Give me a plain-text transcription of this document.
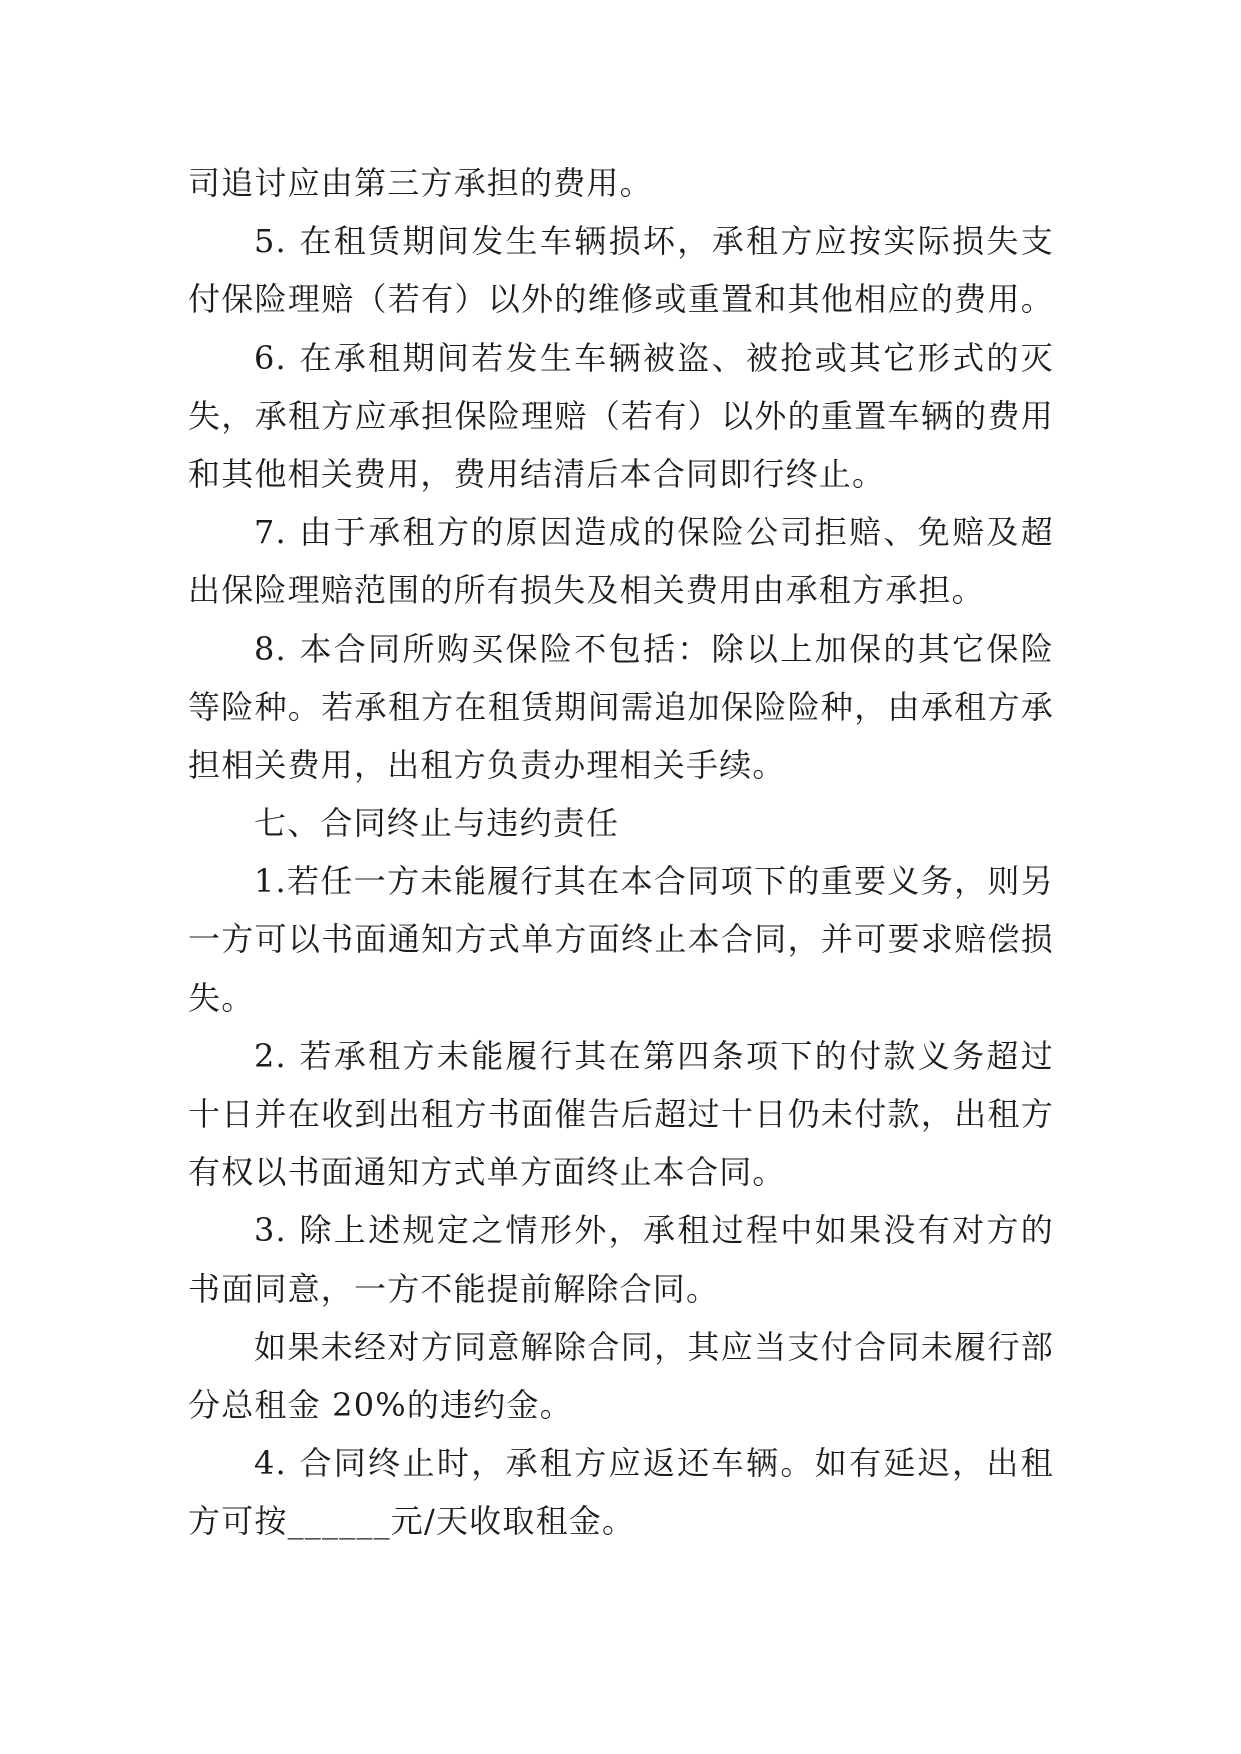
司追讨应由第三方承担的费用。
5. 在租赁期间发生车辆损坏，承租方应按实际损失支
付保险理赔（若有）以外的维修或重置和其他相应的费用。
6. 在承租期间若发生车辆被盗、被抢或其它形式的灭
失，承租方应承担保险理赔（若有）以外的重置车辆的费用
和其他相关费用，费用结清后本合同即行终止。
7. 由于承租方的原因造成的保险公司拒赔、免赔及超
出保险理赔范围的所有损失及相关费用由承租方承担。
8. 本合同所购买保险不包括：除以上加保的其它保险
等险种。若承租方在租赁期间需追加保险险种，由承租方承
担相关费用，出租方负责办理相关手续。
七、合同终止与违约责任
1.若任一方未能履行其在本合同项下的重要义务，则另
一方可以书面通知方式单方面终止本合同，并可要求赔偿损
失。
2. 若承租方未能履行其在第四条项下的付款义务超过
十日并在收到出租方书面催告后超过十日仍未付款，出租方
有权以书面通知方式单方面终止本合同。
3. 除上述规定之情形外，承租过程中如果没有对方的
书面同意，一方不能提前解除合同。
如果未经对方同意解除合同，其应当支付合同未履行部
分总租金 20%的违约金。
4. 合同终止时，承租方应返还车辆。如有延迟，出租
方可按______元/天收取租金。
